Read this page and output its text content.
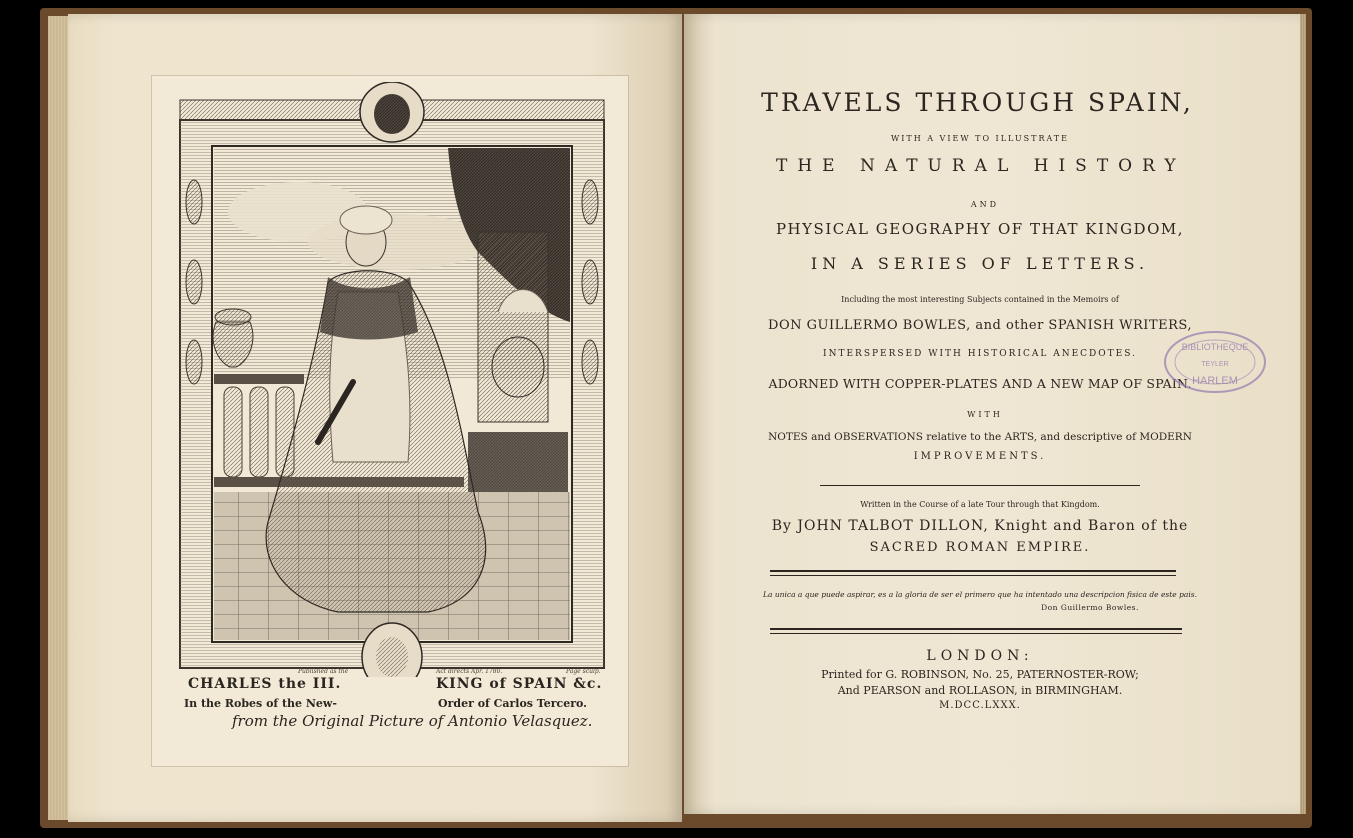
Published as the	Act directs Apr. 1780.	Page sculp.
CHARLES the III.	KING of SPAIN &c.
In the Robes of the New-	Order of Carlos Tercero.
from the Original Picture of Antonio Velasquez.
TRAVELS THROUGH SPAIN,
WITH A VIEW TO ILLUSTRATE
THE NATURAL HISTORY
AND
PHYSICAL GEOGRAPHY OF THAT KINGDOM,
IN A SERIES OF LETTERS.
Including the most interesting Subjects contained in the Memoirs of
DON GUILLERMO BOWLES, and other SPANISH WRITERS,
INTERSPERSED WITH HISTORICAL ANECDOTES.
ADORNED WITH COPPER-PLATES AND A NEW MAP OF SPAIN.
WITH
NOTES and OBSERVATIONS relative to the ARTS, and descriptive of MODERN
IMPROVEMENTS.
Written in the Course of a late Tour through that Kingdom.
By JOHN TALBOT DILLON, Knight and Baron of the
SACRED ROMAN EMPIRE.
La unica a que puede aspirar, es a la gloria de ser el primero que ha intentado una descripcion fisica de este pais.
Don Guillermo Bowles.
LONDON:
Printed for G. ROBINSON, No. 25, PATERNOSTER-ROW;
And PEARSON and ROLLASON, in BIRMINGHAM.
M.DCC.LXXX.
BIBLIOTHEQUE
TEYLER
HARLEM
